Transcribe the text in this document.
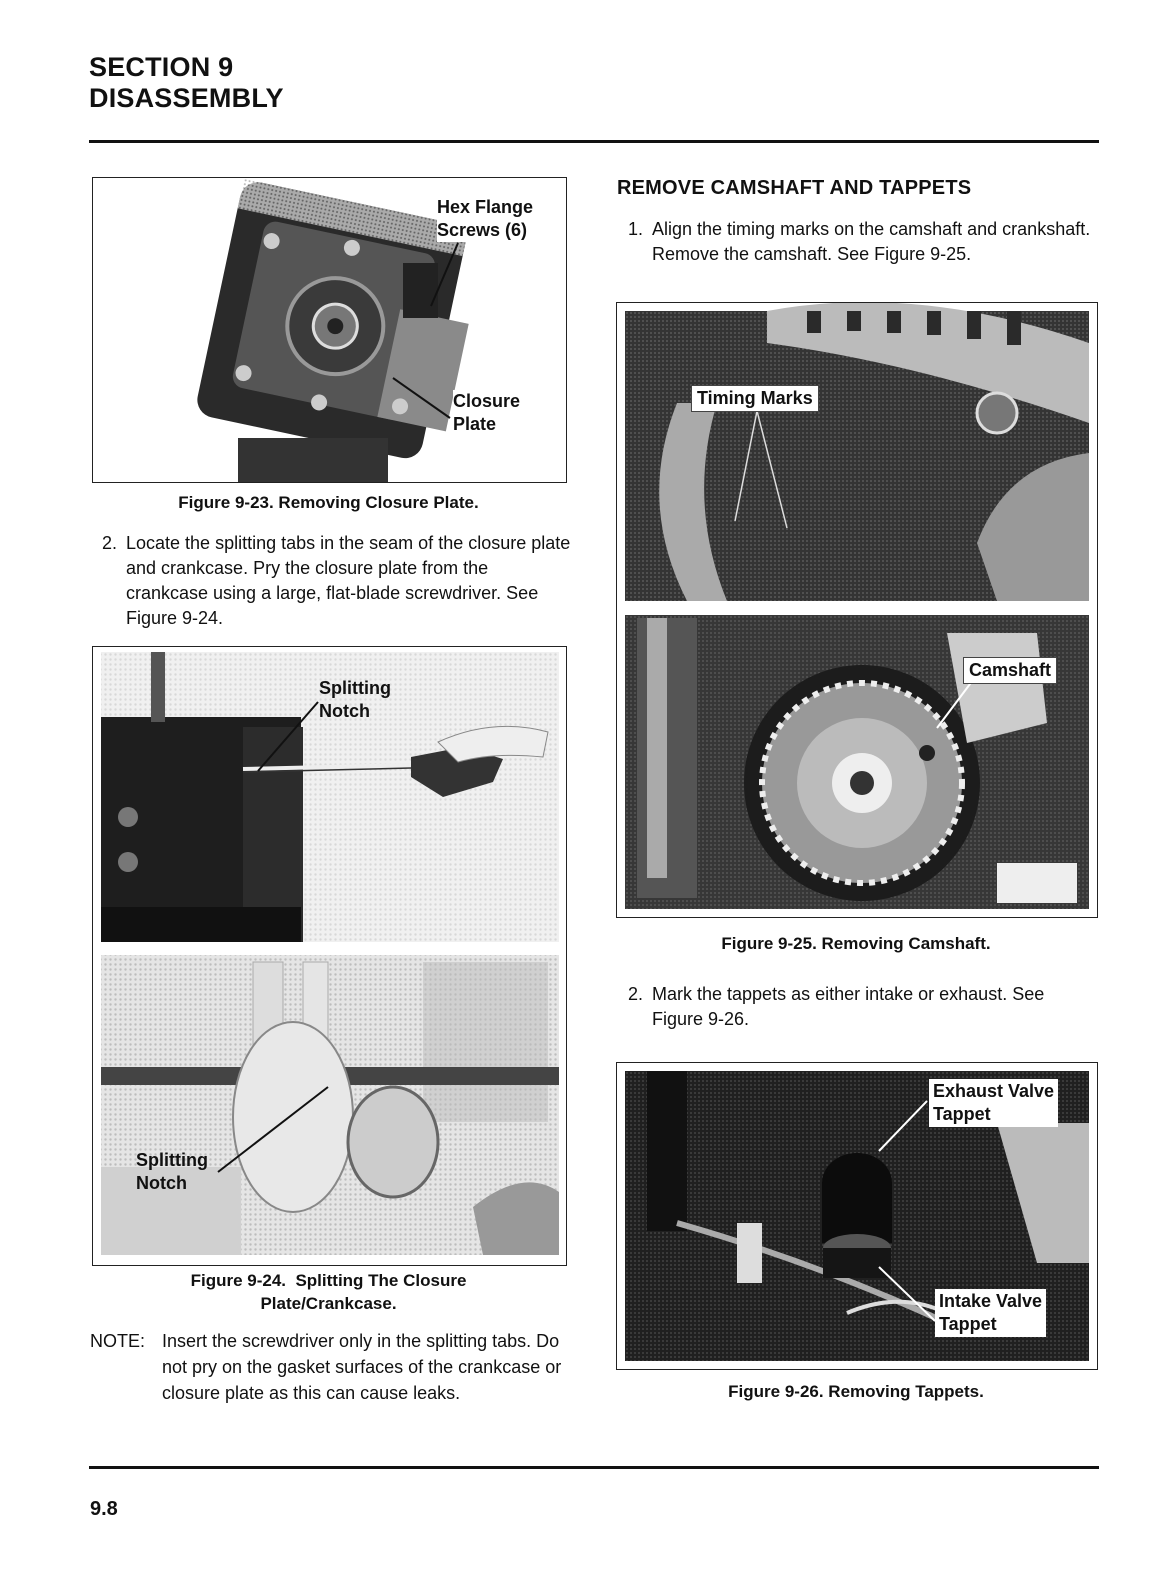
SECTION 9
DISASSEMBLY
Hex Flange
Screws (6)
Closure
Plate
Figure 9-23. Removing Closure Plate.
2. Locate the splitting tabs in the seam of the closure plate and crankcase. Pry the closure plate from the crankcase using a large, flat-blade screwdriver. See Figure 9-24.
Splitting
Notch
Splitting
Notch
Figure 9-24.  Splitting The Closure
Plate/Crankcase.
NOTE: Insert the screwdriver only in the splitting tabs. Do not pry on the gasket surfaces of the crankcase or closure plate as this can cause leaks.
REMOVE CAMSHAFT AND TAPPETS
1. Align the timing marks on the camshaft and crankshaft. Remove the camshaft. See Figure 9-25.
Timing Marks
Camshaft
Figure 9-25. Removing Camshaft.
2. Mark the tappets as either intake or exhaust. See Figure 9-26.
Exhaust Valve
Tappet
Intake Valve
Tappet
Figure 9-26. Removing Tappets.
9.8
